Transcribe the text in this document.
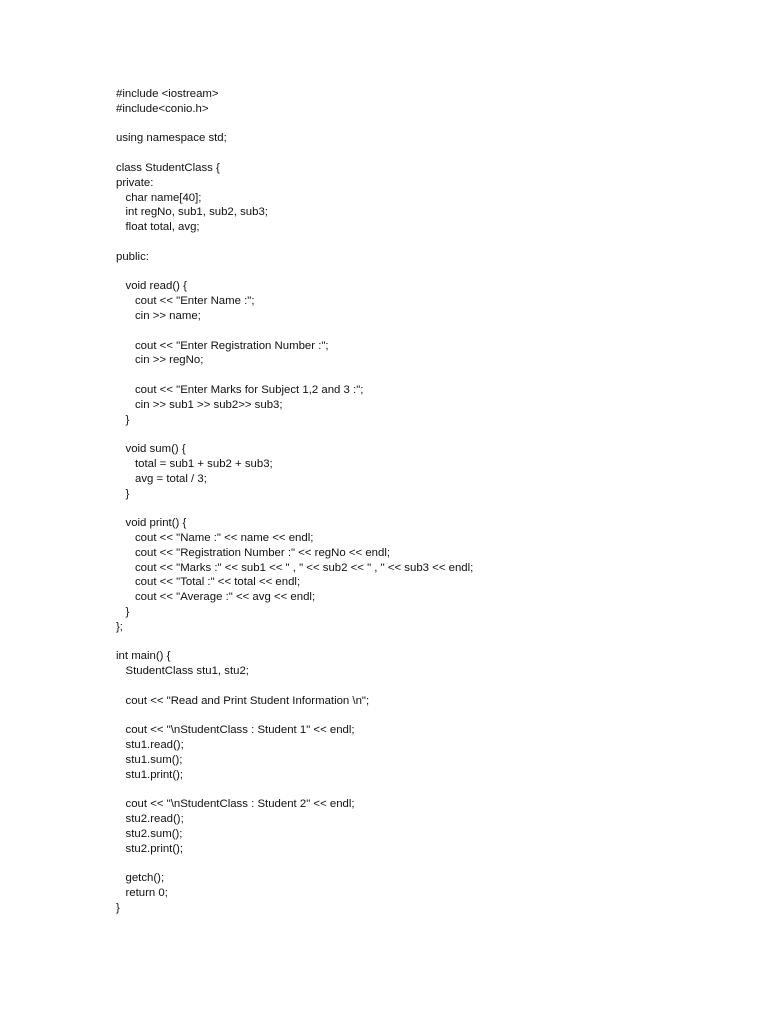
#include <iostream>
#include<conio.h>
using namespace std;
class StudentClass {
private:
char name[40];
int regNo, sub1, sub2, sub3;
float total, avg;
public:
void read() {
cout << "Enter Name :";
cin >> name;
cout << "Enter Registration Number :";
cin >> regNo;
cout << "Enter Marks for Subject 1,2 and 3 :";
cin >> sub1 >> sub2>> sub3;
}
void sum() {
total = sub1 + sub2 + sub3;
avg = total / 3;
}
void print() {
cout << "Name :" << name << endl;
cout << "Registration Number :" << regNo << endl;
cout << "Marks :" << sub1 << " , " << sub2 << " , " << sub3 << endl;
cout << "Total :" << total << endl;
cout << "Average :" << avg << endl;
}
};
int main() {
StudentClass stu1, stu2;
cout << "Read and Print Student Information \n";
cout << "\nStudentClass : Student 1" << endl;
stu1.read();
stu1.sum();
stu1.print();
cout << "\nStudentClass : Student 2" << endl;
stu2.read();
stu2.sum();
stu2.print();
getch();
return 0;
}
